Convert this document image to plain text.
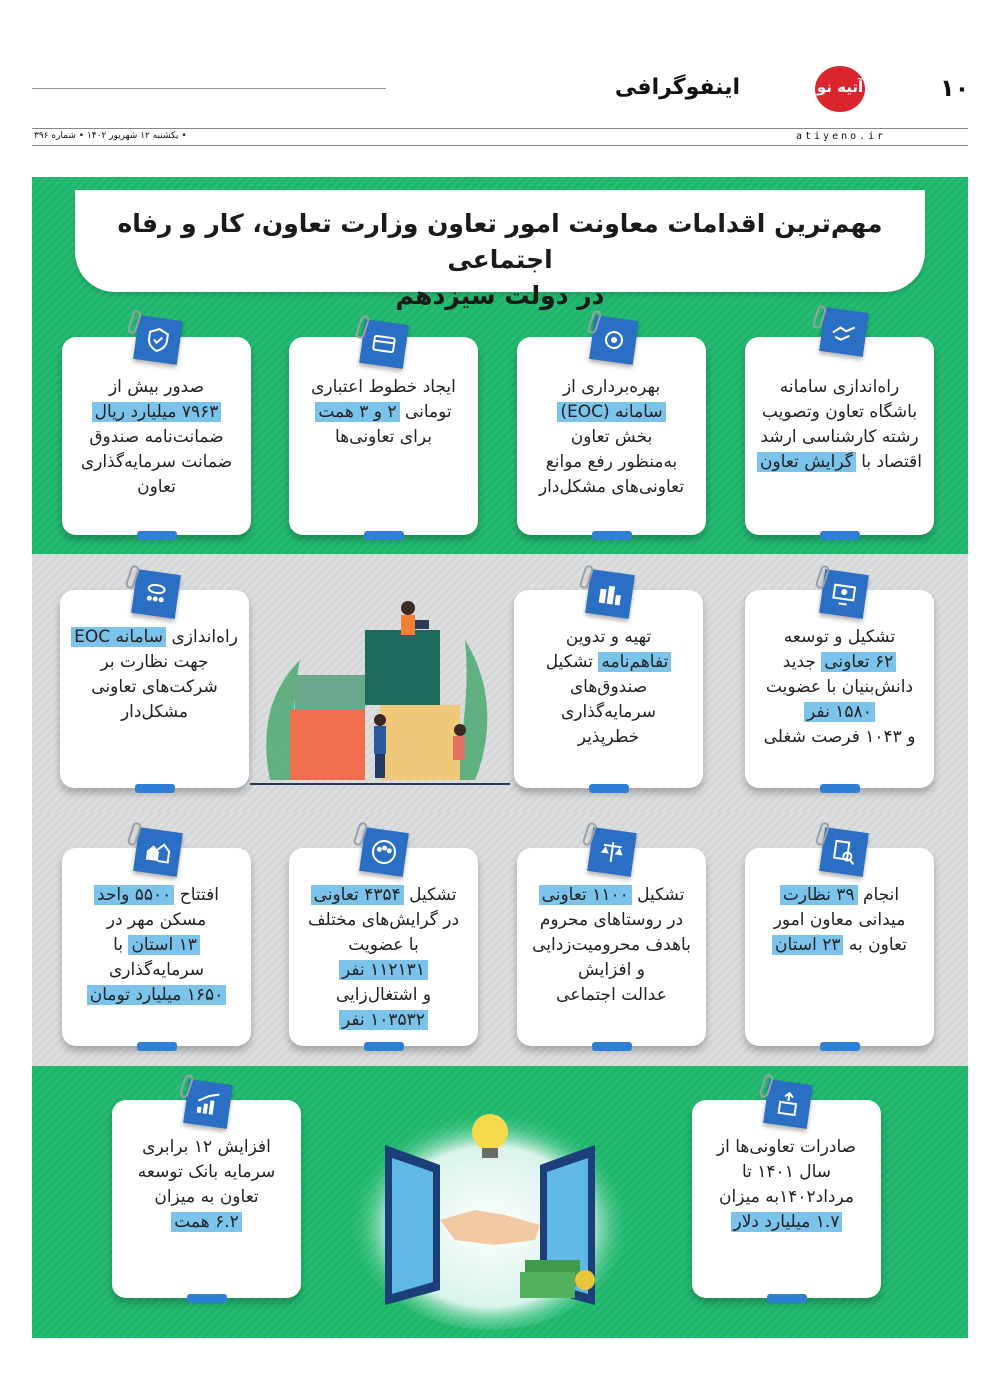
۱۰
آتیه نو
اینفوگرافی
atiyeno.ir
• یکشنبه ۱۲ شهریور ۱۴۰۲ • شماره ۳۹۶
مهم‌ترین اقدامات معاونت امور تعاون وزارت تعاون، کار و رفاه اجتماعی
در دولت سیزدهم
راه‌اندازی سامانه
باشگاه تعاون وتصویب
رشته کارشناسی ارشد
اقتصاد با گرایش تعاون
بهره‌برداری از
سامانه (EOC)
بخش تعاون
به‌منظور رفع موانع
تعاونی‌های مشکل‌دار
ایجاد خطوط اعتباری
تومانی ۲ و ۳ همت
برای تعاونی‌ها
صدور بیش از
۷۹۶۳ میلیارد ریال
ضمانت‌نامه صندوق
ضمانت سرمایه‌گذاری
تعاون
تشکیل و توسعه
۶۲ تعاونی جدید
دانش‌بنیان با عضویت
۱۵۸۰ نفر
و ۱۰۴۳ فرصت شغلی
تهیه و تدوین
تفاهم‌نامه تشکیل
صندوق‌های
سرمایه‌گذاری
خطرپذیر
راه‌اندازی سامانه EOC
جهت نظارت بر
شرکت‌های تعاونی
مشکل‌دار
انجام ۳۹ نظارت
میدانی معاون امور
تعاون به ۲۳ استان
تشکیل ۱۱۰۰ تعاونی
در روستاهای محروم
باهدف محرومیت‌زدایی
و افزایش
عدالت اجتماعی
تشکیل ۴۳۵۴ تعاونی
در گرایش‌های مختلف
با عضویت
۱۱۲۱۳۱ نفر
و اشتغال‌زایی
۱۰۳۵۳۲ نفر
افتتاح ۵۵۰۰ واحد
مسکن مهر در
۱۳ استان با
سرمایه‌گذاری
۱۶۵۰ میلیارد تومان
صادرات تعاونی‌ها از
سال ۱۴۰۱ تا
مرداد۱۴۰۲به میزان
۱.۷ میلیارد دلار
افزایش ۱۲ برابری
سرمایه بانک توسعه
تعاون به میزان
۶.۲ همت
